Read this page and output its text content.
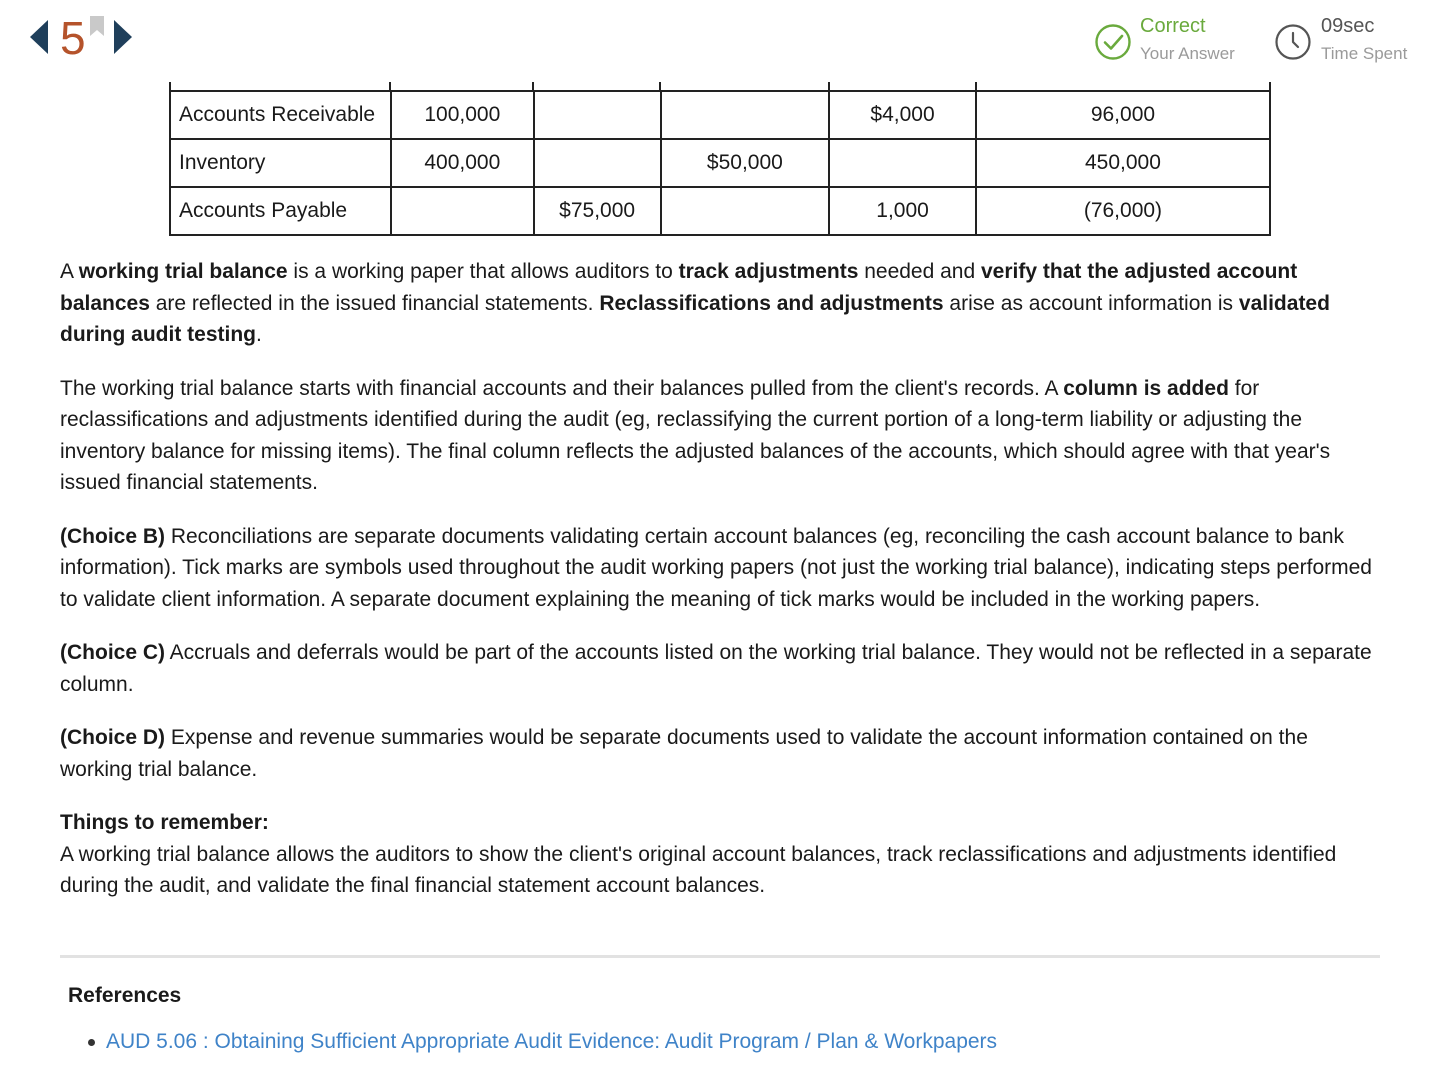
5	Correct
Your Answer
09sec
Time Spent
Accounts Receivable	100,000			$4,000	96,000
Inventory	400,000		$50,000		450,000
Accounts Payable		$75,000		1,000	(76,000)

A working trial balance is a working paper that allows auditors to track adjustments needed and verify that the adjusted account balances are reflected in the issued financial statements. Reclassifications and adjustments arise as account information is validated during audit testing.

The working trial balance starts with financial accounts and their balances pulled from the client's records. A column is added for reclassifications and adjustments identified during the audit (eg, reclassifying the current portion of a long-term liability or adjusting the inventory balance for missing items). The final column reflects the adjusted balances of the accounts, which should agree with that year's issued financial statements.

(Choice B) Reconciliations are separate documents validating certain account balances (eg, reconciling the cash account balance to bank information). Tick marks are symbols used throughout the audit working papers (not just the working trial balance), indicating steps performed to validate client information. A separate document explaining the meaning of tick marks would be included in the working papers.

(Choice C) Accruals and deferrals would be part of the accounts listed on the working trial balance. They would not be reflected in a separate column.

(Choice D) Expense and revenue summaries would be separate documents used to validate the account information contained on the working trial balance.

Things to remember:
A working trial balance allows the auditors to show the client's original account balances, track reclassifications and adjustments identified during the audit, and validate the final financial statement account balances.

References
AUD 5.06 : Obtaining Sufficient Appropriate Audit Evidence: Audit Program / Plan & Workpapers
